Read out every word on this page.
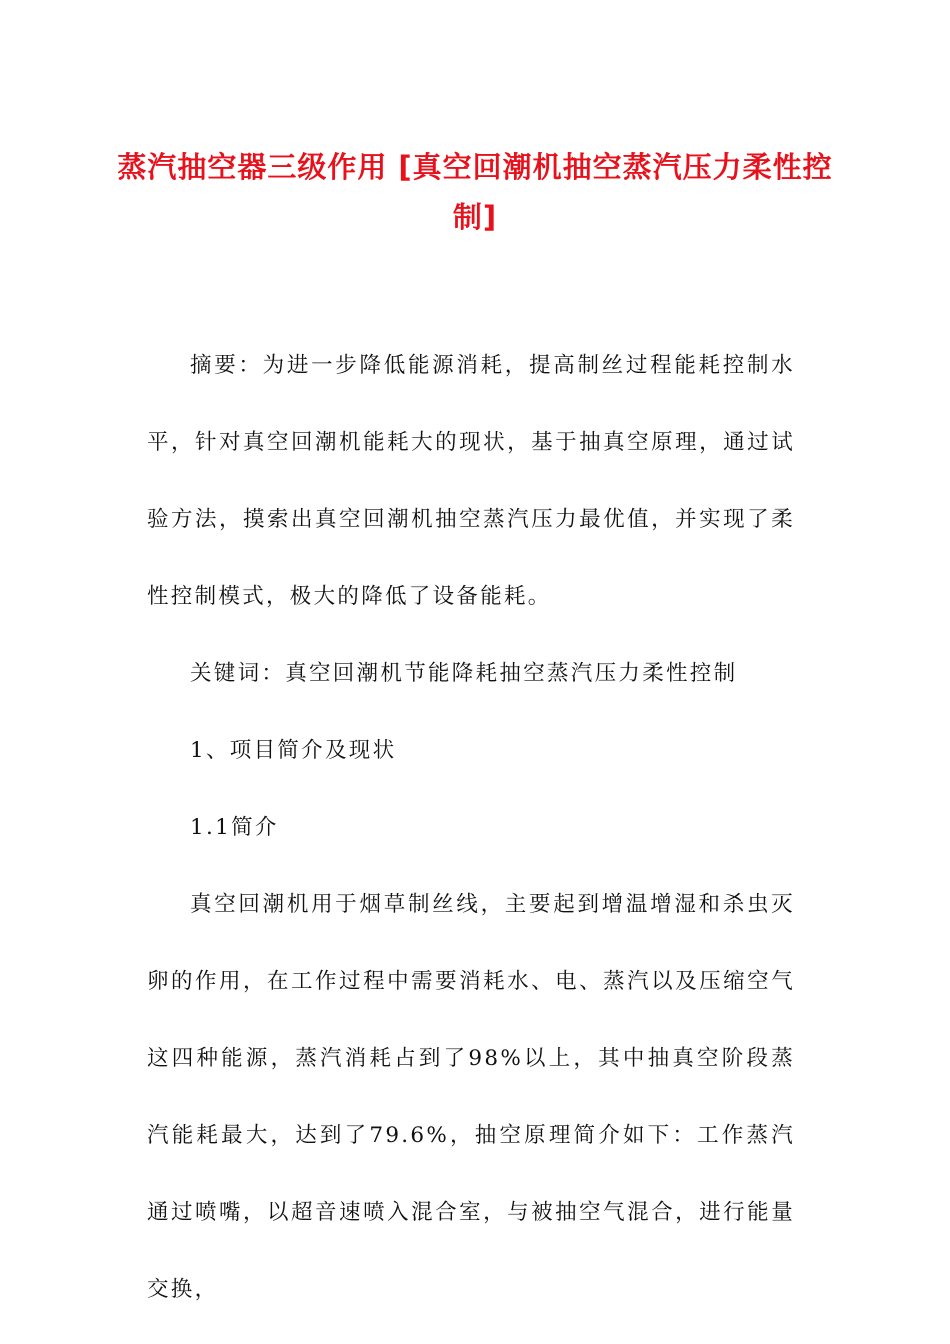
蒸汽抽空器三级作用 [真空回潮机抽空蒸汽压力柔性控制]

摘要：为进一步降低能源消耗，提高制丝过程能耗控制水平，针对真空回潮机能耗大的现状，基于抽真空原理，通过试验方法，摸索出真空回潮机抽空蒸汽压力最优值，并实现了柔性控制模式，极大的降低了设备能耗。

关键词：真空回潮机节能降耗抽空蒸汽压力柔性控制

1、项目简介及现状

1.1简介

真空回潮机用于烟草制丝线，主要起到增温增湿和杀虫灭卵的作用，在工作过程中需要消耗水、电、蒸汽以及压缩空气这四种能源，蒸汽消耗占到了98%以上，其中抽真空阶段蒸汽能耗最大，达到了79.6%，抽空原理简介如下：工作蒸汽通过喷嘴，以超音速喷入混合室，与被抽空气混合，进行能量交换，
